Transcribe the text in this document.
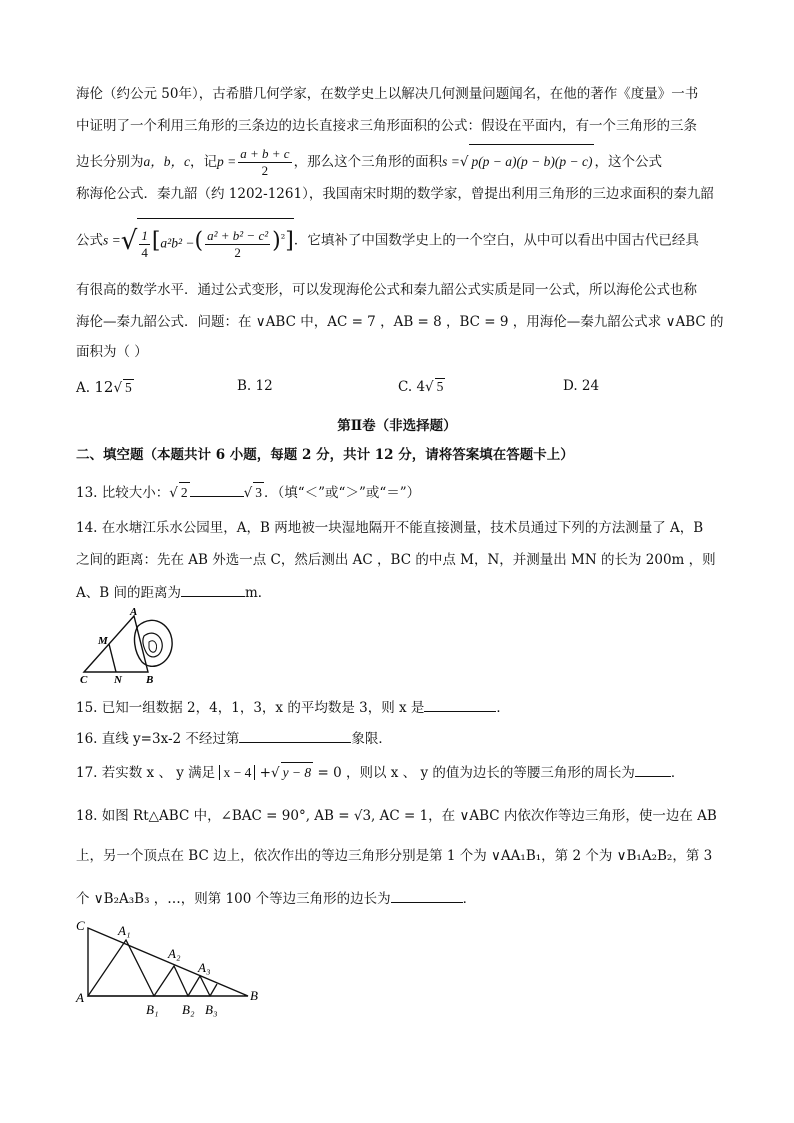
海伦（约公元 50年），古希腊几何学家，在数学史上以解决几何测量问题闻名，在他的著作《度量》一书
中证明了一个利用三角形的三条边的边长直接求三角形面积的公式：假设在平面内，有一个三角形的三条
边长分别为a，b，c，记$p = \frac{a + b + c}{2}$ ，那么这个三角形的面积s =√ p(p − a)(p − b)(p − c) ，这个公式
称海伦公式．秦九韶（约 1202-1261），我国南宋时期的数学家，曾提出利用三角形的三边求面积的秦九韶
公式s =√ $\frac{1}{4} [a^2b^2$ −( $\frac{\text{a² + b² − c²}}{2} )^{^2}$]．它填补了中国数学史上的一个空白，从中可以看出中国古代已经具
有很高的数学水平．通过公式变形，可以发现海伦公式和秦九韶公式实质是同一公式，所以海伦公式也称
海伦—秦九韶公式．问题：在 ∨ABC 中，AC = 7 ，AB = 8 ，BC = 9 ，用海伦—秦九韶公式求 ∨ABC 的
面积为（ ）
A. 12√ 5	B. 12	C. 4√ 5	D. 24
第Ⅱ卷（非选择题）
二、填空题（本题共计 6 小题，每题 2 分，共计 12 分，请将答案填在答题卡上）
13. 比较大小：√ 2	√ 3 ．（填“＜”或“＞”或“＝”）
14. 在水塘江乐水公园里，A，B 两地被一块湿地隔开不能直接测量，技术员通过下列的方法测量了 A，B
之间的距离：先在 AB 外选一点 C，然后测出 AC ，BC 的中点 M，N，并测量出 MN 的长为 200m ，则
A、B 间的距离为	m．
A
M
C N B
15. 已知一组数据 2，4，1，3，x 的平均数是 3，则 x 是	．
16. 直线 y=3x-2 不经过第	象限．
17. 若实数 x 、 y 满足 x − 4 +√ y − 8 = 0 ，则以 x 、 y 的值为边长的等腰三角形的周长为	．
18. 如图 Rt△ABC 中，∠BAC = 90°, AB = √3, AC = 1，在 ∨ABC 内依次作等边三角形，使一边在 AB
上，另一个顶点在 BC 边上，依次作出的等边三角形分别是第 1 个为 ∨AA₁B₁，第 2 个为 ∨B₁A₂B₂，第 3
个 ∨B₂A₃B₃ ，…，则第 100 个等边三角形的边长为	．
C	A₁
A₂
A₃
A
B₁ B₂ B₃
B
